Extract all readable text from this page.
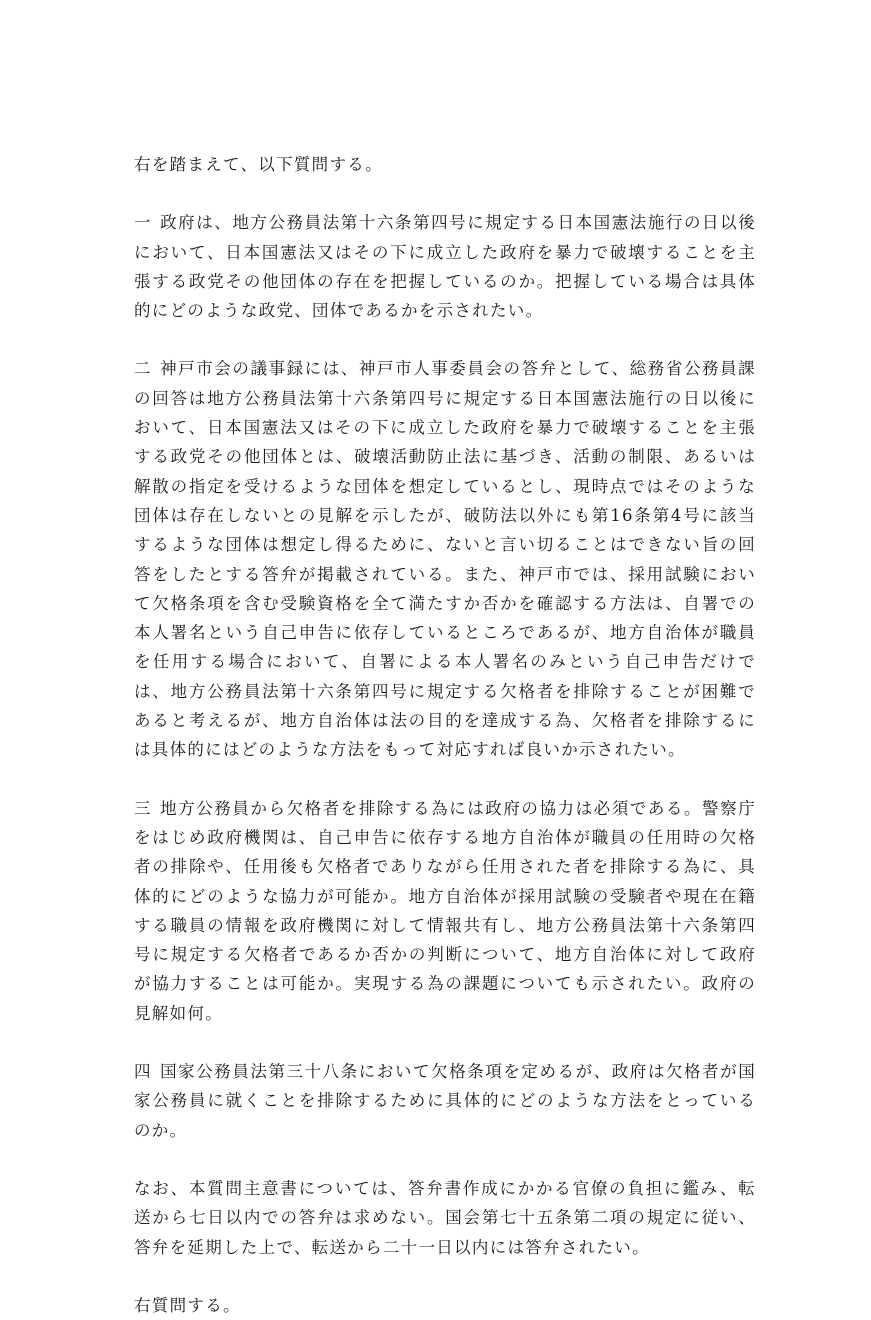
右を踏まえて、以下質問する。

一 政府は、地方公務員法第十六条第四号に規定する日本国憲法施行の日以後において、日本国憲法又はその下に成立した政府を暴力で破壊することを主張する政党その他団体の存在を把握しているのか。把握している場合は具体的にどのような政党、団体であるかを示されたい。

二 神戸市会の議事録には、神戸市人事委員会の答弁として、総務省公務員課の回答は地方公務員法第十六条第四号に規定する日本国憲法施行の日以後において、日本国憲法又はその下に成立した政府を暴力で破壊することを主張する政党その他団体とは、破壊活動防止法に基づき、活動の制限、あるいは解散の指定を受けるような団体を想定しているとし、現時点ではそのような団体は存在しないとの見解を示したが、破防法以外にも第16条第4号に該当するような団体は想定し得るために、ないと言い切ることはできない旨の回答をしたとする答弁が掲載されている。また、神戸市では、採用試験において欠格条項を含む受験資格を全て満たすか否かを確認する方法は、自署での本人署名という自己申告に依存しているところであるが、地方自治体が職員を任用する場合において、自署による本人署名のみという自己申告だけでは、地方公務員法第十六条第四号に規定する欠格者を排除することが困難であると考えるが、地方自治体は法の目的を達成する為、欠格者を排除するには具体的にはどのような方法をもって対応すれば良いか示されたい。

三 地方公務員から欠格者を排除する為には政府の協力は必須である。警察庁をはじめ政府機関は、自己申告に依存する地方自治体が職員の任用時の欠格者の排除や、任用後も欠格者でありながら任用された者を排除する為に、具体的にどのような協力が可能か。地方自治体が採用試験の受験者や現在在籍する職員の情報を政府機関に対して情報共有し、地方公務員法第十六条第四号に規定する欠格者であるか否かの判断について、地方自治体に対して政府が協力することは可能か。実現する為の課題についても示されたい。政府の見解如何。

四 国家公務員法第三十八条において欠格条項を定めるが、政府は欠格者が国家公務員に就くことを排除するために具体的にどのような方法をとっているのか。

なお、本質問主意書については、答弁書作成にかかる官僚の負担に鑑み、転送から七日以内での答弁は求めない。国会第七十五条第二項の規定に従い、答弁を延期した上で、転送から二十一日以内には答弁されたい。

右質問する。
